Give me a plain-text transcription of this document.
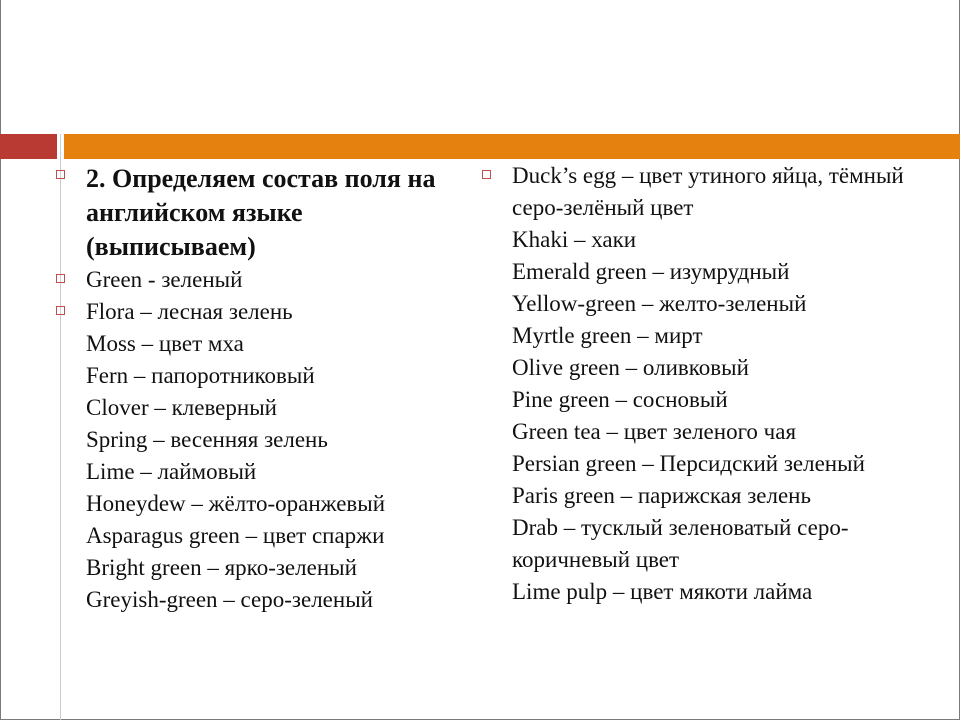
2. Определяем состав поля на английском языке (выписываем)
Green - зеленый
Flora – лесная зелень
Moss – цвет мха
Fern – папоротниковый
Clover – клеверный
Spring – весенняя зелень
Lime – лаймовый
Honeydew – жёлто-оранжевый
Asparagus green – цвет спаржи
Bright green – ярко-зеленый
Greyish-green – серо-зеленый
Duck’s egg – цвет утиного яйца, тёмный серо-зелёный цвет
Khaki – хаки
Emerald green – изумрудный
Yellow-green – желто-зеленый
Myrtle green – мирт
Olive green – оливковый
Pine green – сосновый
Green tea – цвет зеленого чая
Persian green – Персидский зеленый
Paris green – парижская зелень
Drab – тусклый зеленоватый серо-коричневый цвет
Lime pulp – цвет мякоти лайма
